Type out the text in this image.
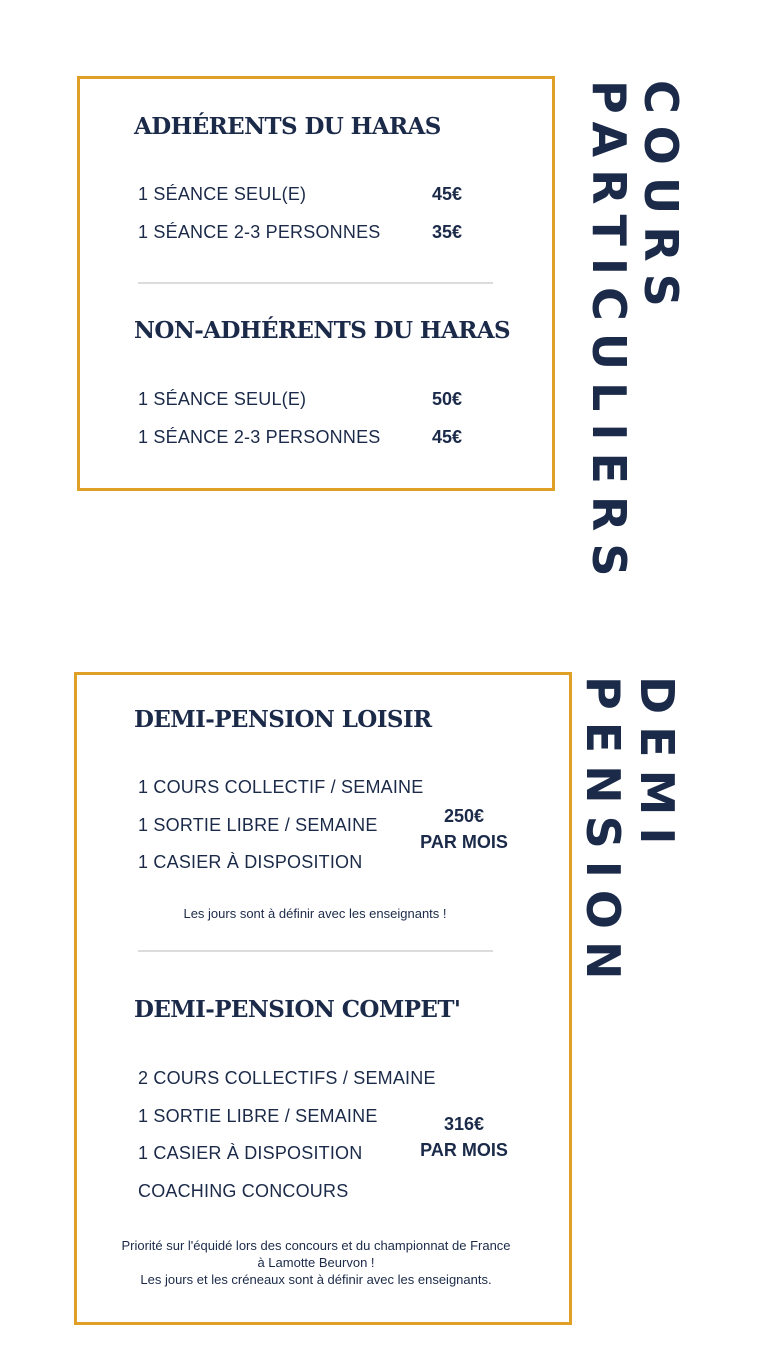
COURS
PARTICULIERS
DEMI
PENSION
ADHÉRENTS DU HARAS
1 SÉANCE SEUL(E)	45€
1 SÉANCE 2-3 PERSONNES	35€
NON-ADHÉRENTS DU HARAS
1 SÉANCE SEUL(E)	50€
1 SÉANCE 2-3 PERSONNES	45€
DEMI-PENSION LOISIR
1 COURS COLLECTIF / SEMAINE
1 SORTIE LIBRE / SEMAINE
1 CASIER À DISPOSITION
250€
PAR MOIS
Les jours sont à définir avec les enseignants !
DEMI-PENSION COMPET'
2 COURS COLLECTIFS / SEMAINE
1 SORTIE LIBRE / SEMAINE
1 CASIER À DISPOSITION
COACHING CONCOURS
316€
PAR MOIS
Priorité sur l'équidé lors des concours et du championnat de France
à Lamotte Beurvon !
Les jours et les créneaux sont à définir avec les enseignants.
